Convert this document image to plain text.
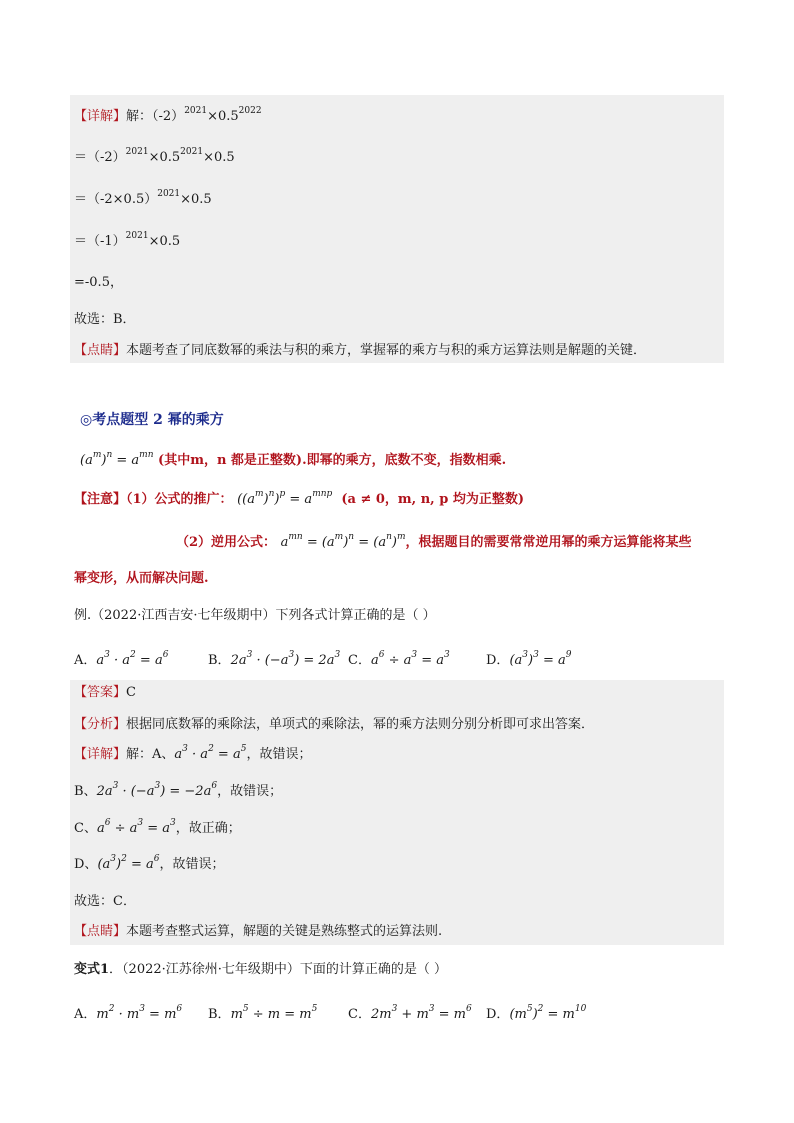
【详解】解：$(-2)^{2021}\times 0.5^{2022}$
$=(-2)^{2021}\times 0.5^{2021}\times 0.5$
$=(-2\times 0.5)^{2021}\times 0.5$
$=(-1)^{2021}\times 0.5$
=-0.5，
故选：B．
【点睛】本题考查了同底数幂的乘法与积的乘方，掌握幂的乘方与积的乘方运算法则是解题的关键．
◎考点题型 2 幂的乘方
$(a^m)^n = a^{mn}$ (其中m，n 都是正整数).即幂的乘方，底数不变，指数相乘.
【注意】（1）公式的推广： $((a^m)^n)^p = a^{mnp}$ (a ≠ 0，m, n, p 均为正整数)
（2）逆用公式： $a^{mn} = (a^m)^n = (a^n)^m$，根据题目的需要常常逆用幂的乘方运算能将某些
幂变形，从而解决问题.
例.（2022·江西吉安·七年级期中）下列各式计算正确的是（ ）
A．$a^3 \cdot a^2 = a^6$	B．$2a^3 \cdot (-a^3) = 2a^3$ C．$a^6 \div a^3 = a^3$	D．$(a^3)^3 = a^9$
【答案】C
【分析】根据同底数幂的乘除法，单项式的乘除法，幂的乘方法则分别分析即可求出答案．
【详解】解：A、$a^3 \cdot a^2 = a^5$，故错误；
B、$2a^3 \cdot (-a^3) = -2a^6$，故错误；
C、$a^6 \div a^3 = a^3$，故正确；
D、$(a^3)^2 = a^6$，故错误；
故选：C．
【点睛】本题考查整式运算，解题的关键是熟练整式的运算法则.
变式1．（2022·江苏徐州·七年级期中）下面的计算正确的是（ ）
A．$m^2 \cdot m^3 = m^6$ B．$m^5 \div m = m^5$ C．$2m^3 + m^3 = m^6$ D．$(m^5)^2 = m^{10}$
